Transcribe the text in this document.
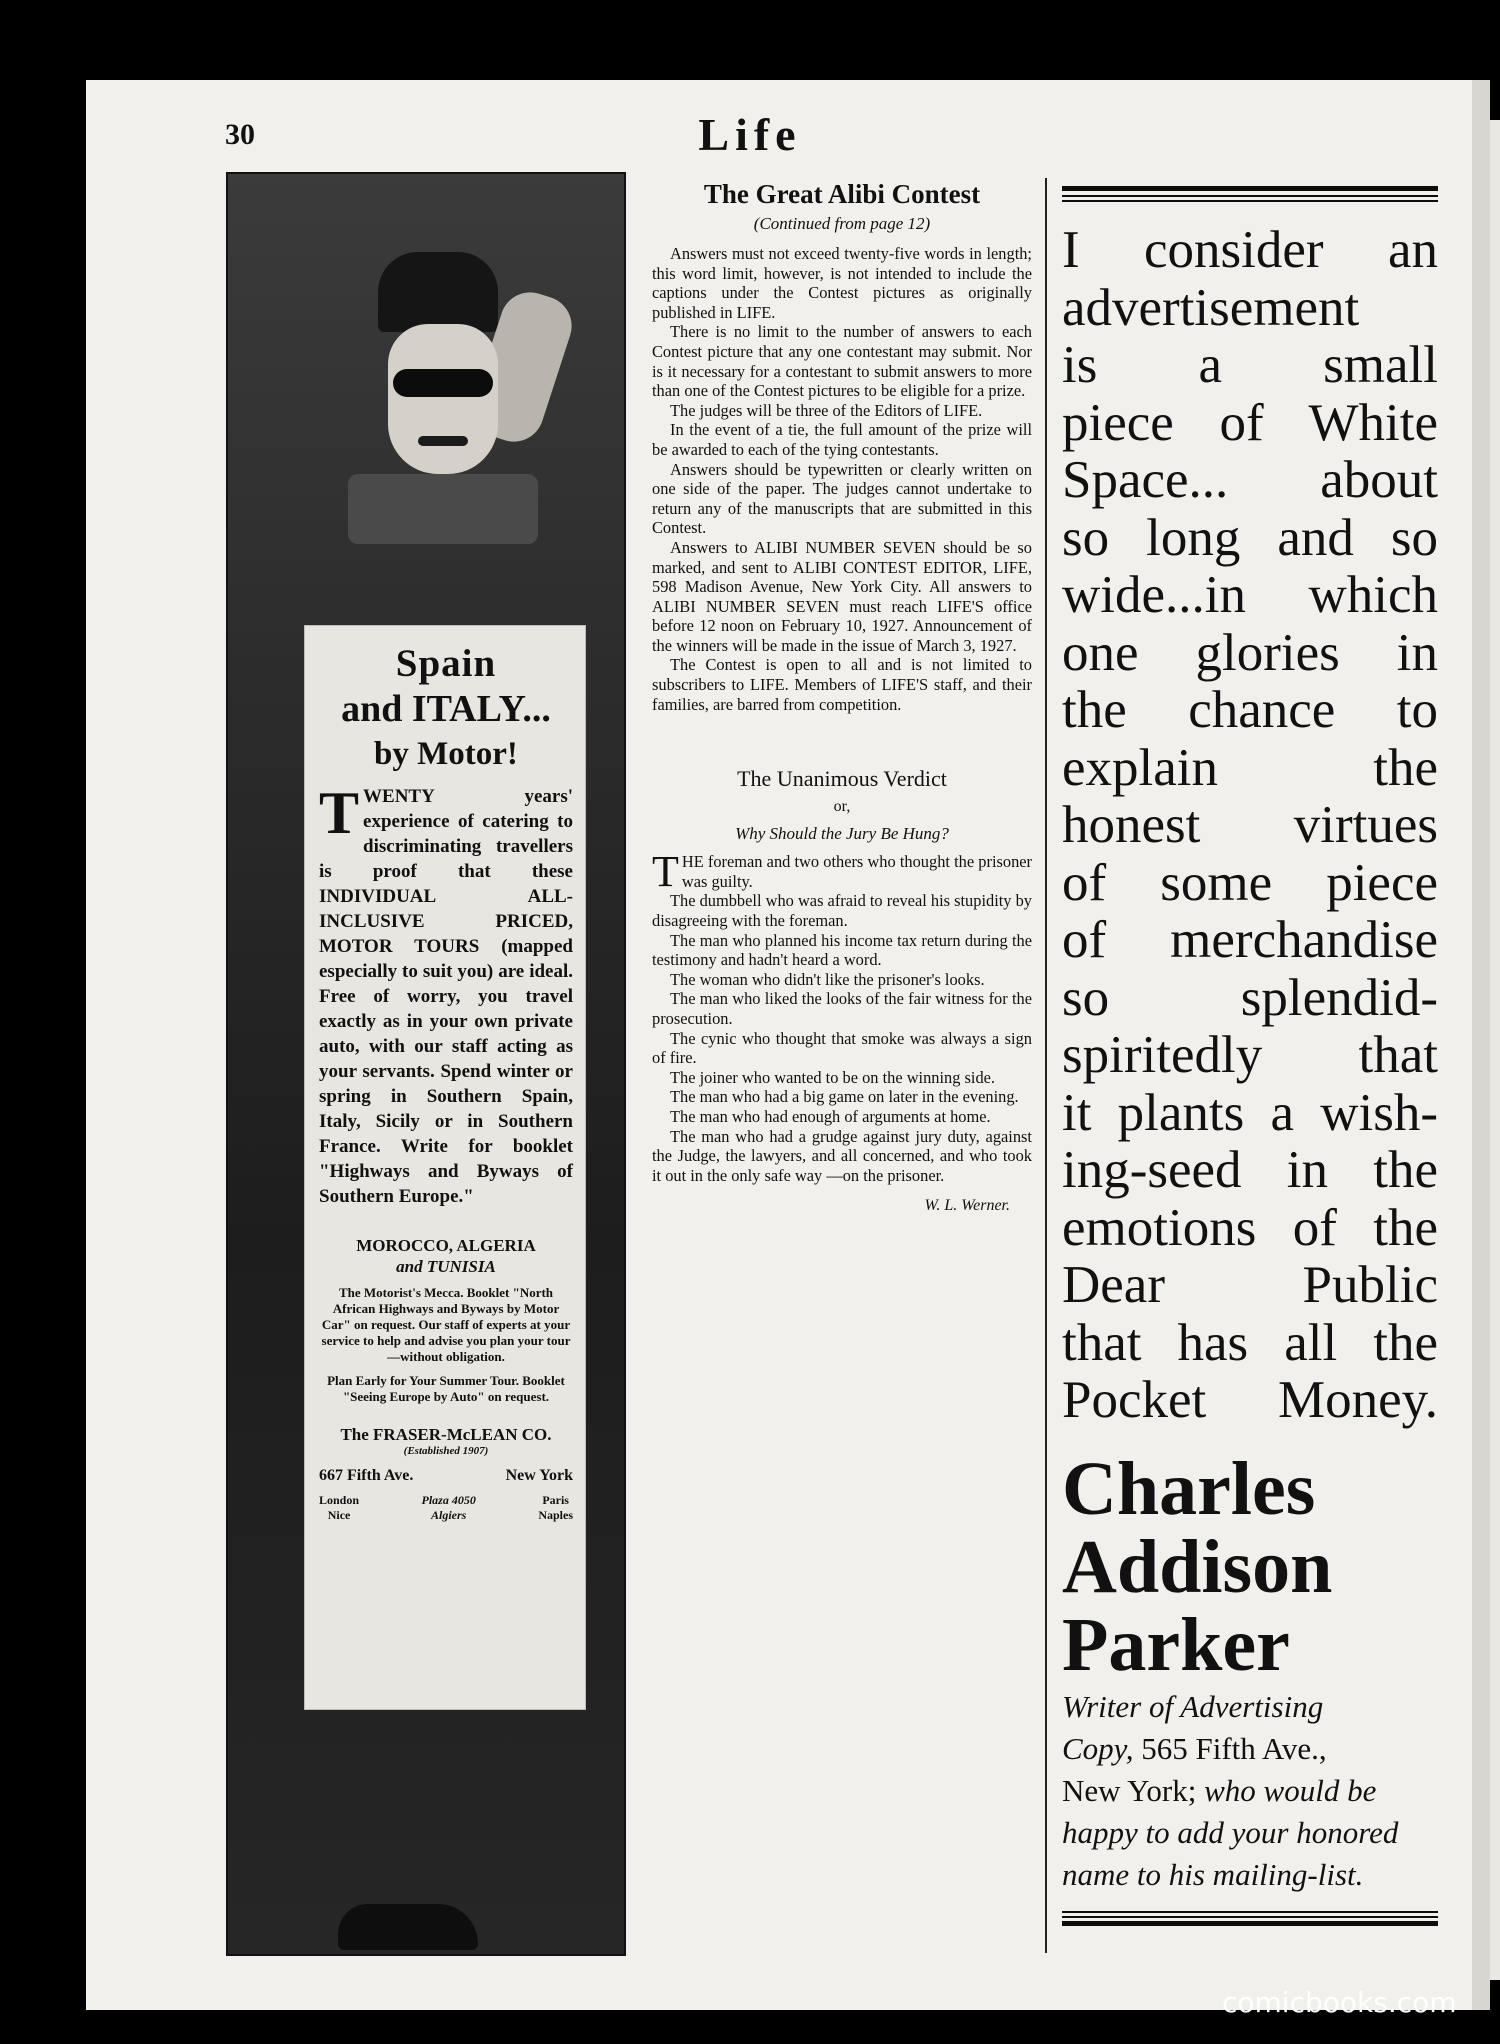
30	Life
Spain
and ITALY...
by Motor!
TWENTY years' experience of catering to discriminating travellers is proof that these INDIVIDUAL ALL-INCLUSIVE PRICED, MOTOR TOURS (mapped especially to suit you) are ideal. Free of worry, you travel exactly as in your own private auto, with our staff acting as your servants. Spend winter or spring in Southern Spain, Italy, Sicily or in Southern France. Write for booklet "Highways and Byways of Southern Europe."
MOROCCO, ALGERIA
and TUNISIA
The Motorist's Mecca. Booklet "North African Highways and Byways by Motor Car" on request. Our staff of experts at your service to help and advise you plan your tour—without obligation.
Plan Early for Your Summer Tour. Booklet "Seeing Europe by Auto" on request.
The FRASER-McLEAN CO.
(Established 1907)
667 Fifth Ave.	New York
London
Nice
Plaza 4050
Algiers
Paris
Naples
The Great Alibi Contest
(Continued from page 12)

Answers must not exceed twenty-five words in length; this word limit, however, is not intended to include the captions under the Contest pictures as originally published in LIFE.

There is no limit to the number of answers to each Contest picture that any one contestant may submit. Nor is it necessary for a contestant to submit answers to more than one of the Contest pictures to be eligible for a prize.

The judges will be three of the Editors of LIFE.

In the event of a tie, the full amount of the prize will be awarded to each of the tying contestants.

Answers should be typewritten or clearly written on one side of the paper. The judges cannot undertake to return any of the manuscripts that are submitted in this Contest.

Answers to ALIBI NUMBER SEVEN should be so marked, and sent to ALIBI CONTEST EDITOR, LIFE, 598 Madison Avenue, New York City. All answers to ALIBI NUMBER SEVEN must reach LIFE'S office before 12 noon on February 10, 1927. Announcement of the winners will be made in the issue of March 3, 1927.

The Contest is open to all and is not limited to subscribers to LIFE. Members of LIFE'S staff, and their families, are barred from competition.

The Unanimous Verdict
or,
Why Should the Jury Be Hung?

THE foreman and two others who thought the prisoner was guilty.

The dumbbell who was afraid to reveal his stupidity by disagreeing with the foreman.

The man who planned his income tax return during the testimony and hadn't heard a word.

The woman who didn't like the prisoner's looks.

The man who liked the looks of the fair witness for the prosecution.

The cynic who thought that smoke was always a sign of fire.

The joiner who wanted to be on the winning side.

The man who had a big game on later in the evening.

The man who had enough of arguments at home.

The man who had a grudge against jury duty, against the Judge, the lawyers, and all concerned, and who took it out in the only safe way —on the prisoner.

W. L. Werner.
I consider an
advertisement
is a small
piece of White
Space... about
so long and so
wide...in which
one glories in
the chance to
explain the
honest virtues
of some piece
of merchandise
so splendid-
spiritedly that
it plants a wish-
ing-seed in the
emotions of the
Dear Public
that has all the
Pocket Money.
Charles
Addison
Parker
Writer of Advertising
Copy, 565 Fifth Ave.,
New York; who would be
happy to add your honored
name to his mailing-list.
comicbooks.com
